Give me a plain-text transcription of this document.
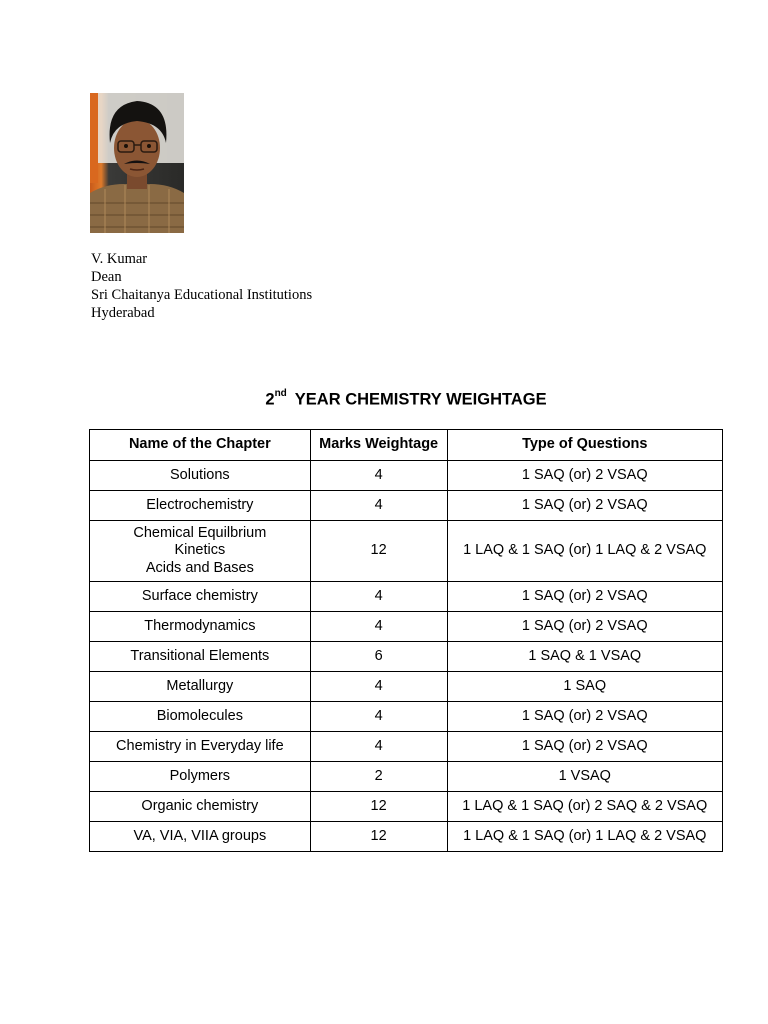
V. Kumar
Dean
Sri Chaitanya Educational Institutions
Hyderabad
2nd YEAR CHEMISTRY WEIGHTAGE
Name of the Chapter	Marks Weightage	Type of Questions
Solutions	4	1 SAQ (or) 2 VSAQ
Electrochemistry	4	1 SAQ (or) 2 VSAQ
Chemical Equilbrium
Kinetics
Acids and Bases	12	1 LAQ & 1 SAQ (or) 1 LAQ & 2 VSAQ
Surface chemistry	4	1 SAQ (or) 2 VSAQ
Thermodynamics	4	1 SAQ (or) 2 VSAQ
Transitional Elements	6	1 SAQ & 1 VSAQ
Metallurgy	4	1 SAQ
Biomolecules	4	1 SAQ (or) 2 VSAQ
Chemistry in Everyday life	4	1 SAQ (or) 2 VSAQ
Polymers	2	1 VSAQ
Organic chemistry	12	1 LAQ & 1 SAQ (or) 2 SAQ & 2 VSAQ
VA, VIA, VIIA groups	12	1 LAQ & 1 SAQ (or) 1 LAQ & 2 VSAQ
